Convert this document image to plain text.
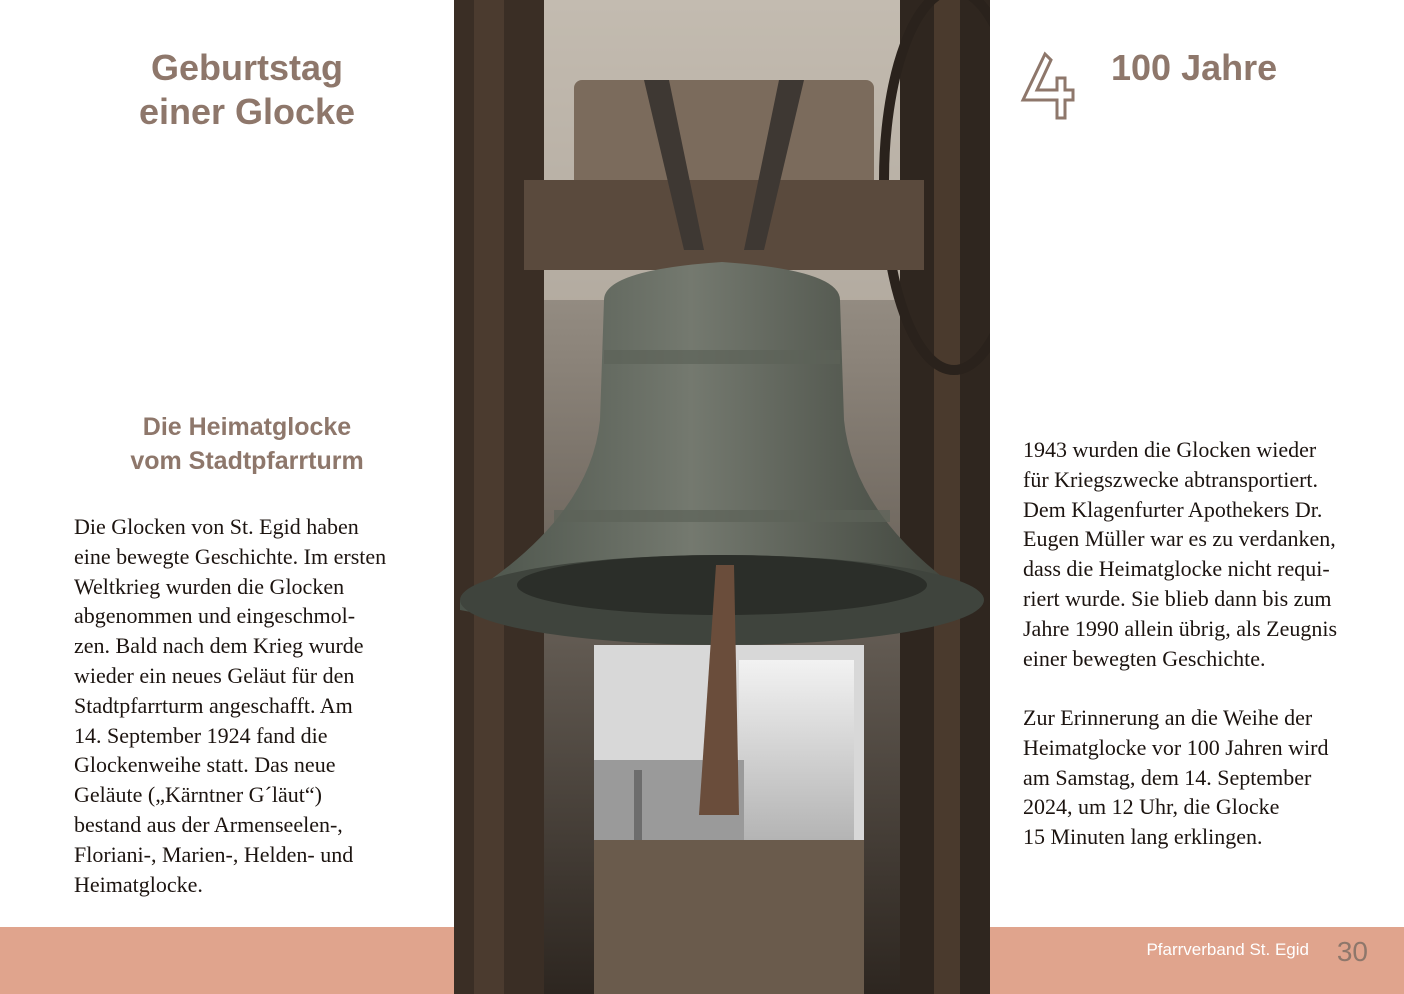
Geburtstag
einer Glocke
Die Heimatglocke
vom Stadtpfarrturm

Die Glocken von St. Egid haben
eine bewegte Geschichte. Im ersten
Weltkrieg wurden die Glocken
abgenommen und eingeschmol-
zen. Bald nach dem Krieg wurde
wieder ein neues Geläut für den
Stadtpfarrturm angeschafft. Am
14. September 1924 fand die
Glockenweihe statt. Das neue
Geläute („Kärntner G´läut“)
bestand aus der Armenseelen-,
Floriani-, Marien-, Helden- und
Heimatglocke.

100 Jahre

1943 wurden die Glocken wieder
für Kriegszwecke abtransportiert.
Dem Klagenfurter Apothekers Dr.
Eugen Müller war es zu verdanken,
dass die Heimatglocke nicht requi-
riert wurde. Sie blieb dann bis zum
Jahre 1990 allein übrig, als Zeugnis
einer bewegten Geschichte.

Zur Erinnerung an die Weihe der
Heimatglocke vor 100 Jahren wird
am Samstag, dem 14. September
2024, um 12 Uhr, die Glocke
15 Minuten lang erklingen.

Pfarrverband St. Egid 30
